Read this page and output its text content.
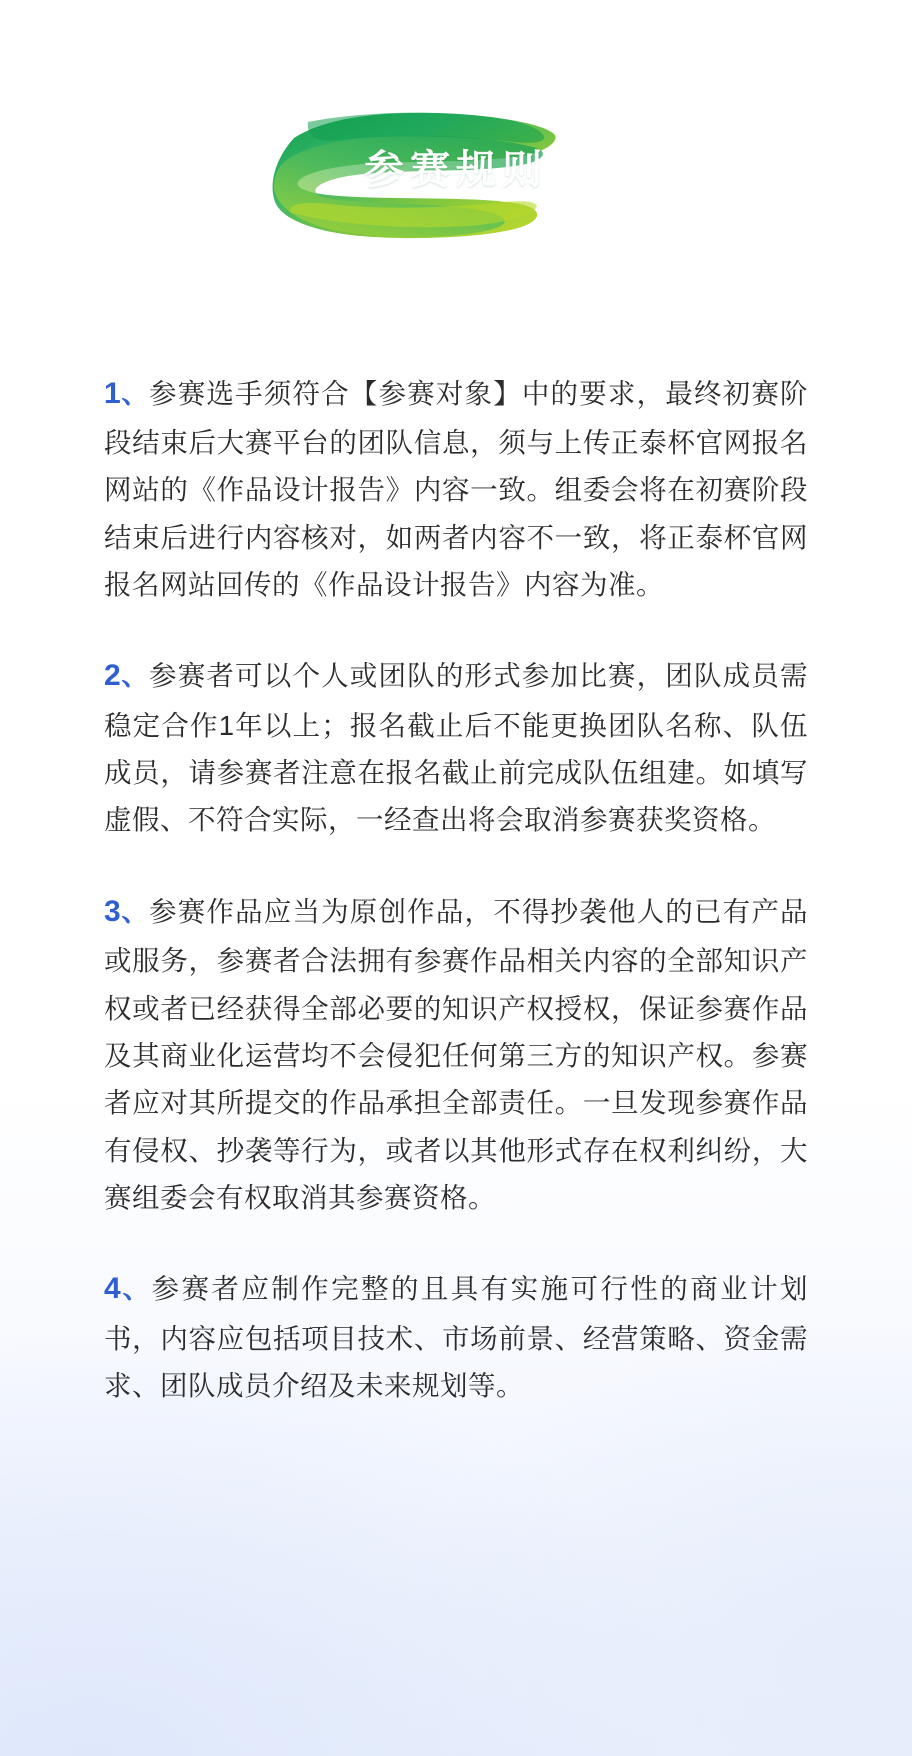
参赛规则

1、参赛选手须符合【参赛对象】中的要求，最终初赛阶段结束后大赛平台的团队信息，须与上传正泰杯官网报名网站的《作品设计报告》内容一致。组委会将在初赛阶段结束后进行内容核对，如两者内容不一致，将正泰杯官网报名网站回传的《作品设计报告》内容为准。

2、参赛者可以个人或团队的形式参加比赛，团队成员需稳定合作1年以上；报名截止后不能更换团队名称、队伍成员，请参赛者注意在报名截止前完成队伍组建。如填写虚假、不符合实际，一经查出将会取消参赛获奖资格。

3、参赛作品应当为原创作品，不得抄袭他人的已有产品或服务，参赛者合法拥有参赛作品相关内容的全部知识产权或者已经获得全部必要的知识产权授权，保证参赛作品及其商业化运营均不会侵犯任何第三方的知识产权。参赛者应对其所提交的作品承担全部责任。一旦发现参赛作品有侵权、抄袭等行为，或者以其他形式存在权利纠纷，大赛组委会有权取消其参赛资格。

4、参赛者应制作完整的且具有实施可行性的商业计划书，内容应包括项目技术、市场前景、经营策略、资金需求、团队成员介绍及未来规划等。
